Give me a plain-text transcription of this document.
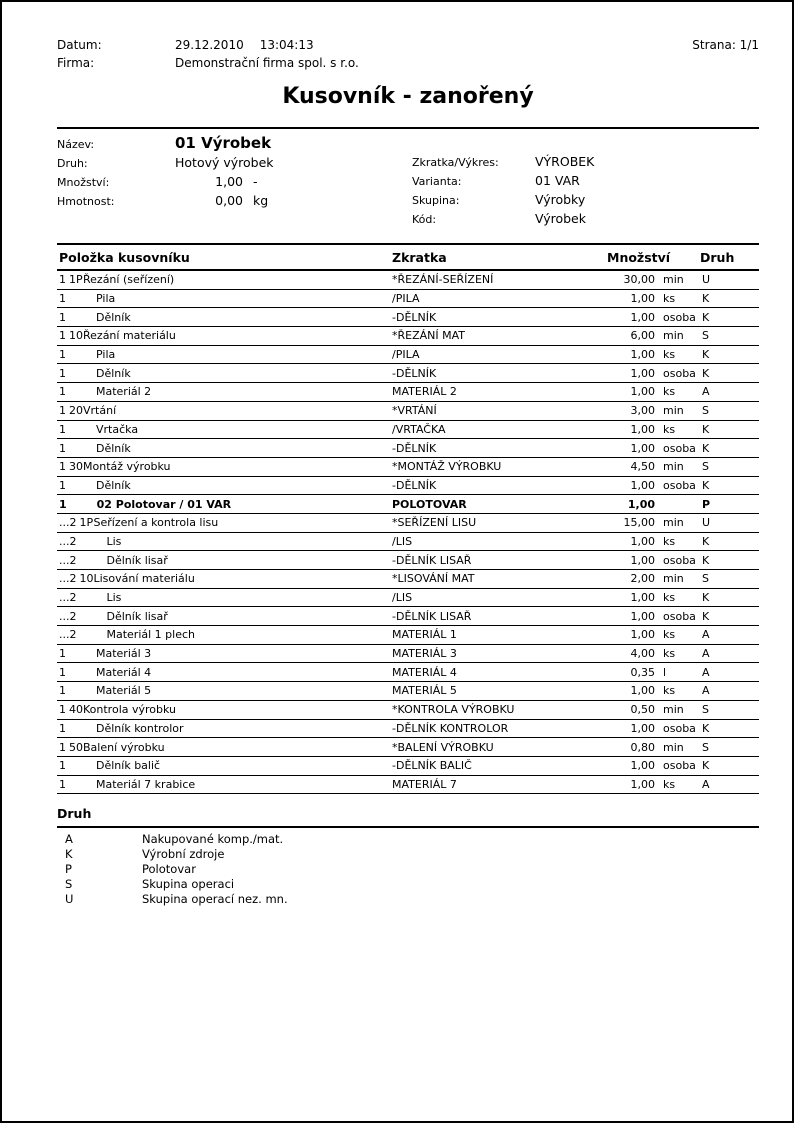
Datum:	29.12.2010 13:04:13
Firma:	Demonstrační firma spol. s r.o.
Strana: 1/1
Kusovník - zanořený
Název:	01 Výrobek
Druh:	Hotový výrobek
Množství:	1,00 -
Hmotnost:	0,00 kg
Zkratka/Výkres:	VÝROBEK
Varianta:	01 VAR
Skupina:	Výrobky
Kód:	Výrobek
Položka kusovníku	Zkratka	Množství	Druh
1 1PŘezání (seřízení)	*ŘEZÁNÍ-SEŘÍZENÍ	30,00 min	U
1	Pila	/PILA	1,00 ks	K
1	Dělník	-DĚLNÍK	1,00 osoba K
1 10Řezání materiálu	*ŘEZÁNÍ MAT	6,00 min	S
1	Pila	/PILA	1,00 ks	K
1	Dělník	-DĚLNÍK	1,00 osoba K
1	Materiál 2	MATERIÁL 2	1,00 ks	A
1 20Vrtání	*VRTÁNÍ	3,00 min	S
1	Vrtačka	/VRTAČKA	1,00 ks	K
1	Dělník	-DĚLNÍK	1,00 osoba K
1 30Montáž výrobku	*MONTÁŽ VÝROBKU	4,50 min	S
1	Dělník	-DĚLNÍK	1,00 osoba K
1	02 Polotovar / 01 VAR	POLOTOVAR	1,00	P
...2 1PSeřízení a kontrola lisu	*SEŘÍZENÍ LISU	15,00 min	U
...2	Lis	/LIS	1,00 ks	K
...2	Dělník lisař	-DĚLNÍK LISAŘ	1,00 osoba K
...2 10Lisování materiálu	*LISOVÁNÍ MAT	2,00 min	S
...2	Lis	/LIS	1,00 ks	K
...2	Dělník lisař	-DĚLNÍK LISAŘ	1,00 osoba K
...2	Materiál 1 plech	MATERIÁL 1	1,00 ks	A
1	Materiál 3	MATERIÁL 3	4,00 ks	A
1	Materiál 4	MATERIÁL 4	0,35 l	A
1	Materiál 5	MATERIÁL 5	1,00 ks	A
1 40Kontrola výrobku	*KONTROLA VÝROBKU	0,50 min	S
1	Dělník kontrolor	-DĚLNÍK KONTROLOR	1,00 osoba K
1 50Balení výrobku	*BALENÍ VÝROBKU	0,80 min	S
1	Dělník balič	-DĚLNÍK BALIČ	1,00 osoba K
1	Materiál 7 krabice	MATERIÁL 7	1,00 ks	A
Druh
A	Nakupované komp./mat.
K	Výrobní zdroje
P	Polotovar
S	Skupina operaci
U	Skupina operací nez. mn.
